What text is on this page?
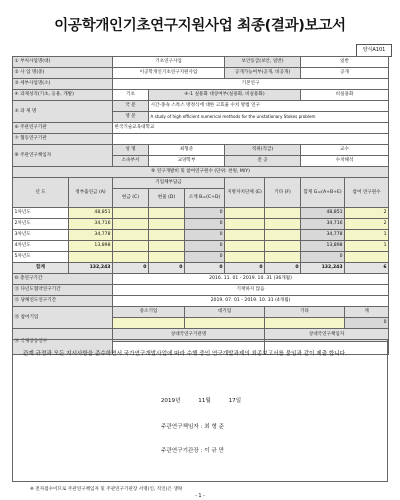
이공학개인기초연구지원사업 최종(결과)보고서
양식A101
① 부처사업명(대)		기초연구사업			보안등급(보안, 일반)		일반	
② 사 업 명(중)		이공학개인기초연구지원사업			공개가능여부(공개, 비공개)		공개	
③ 세부사업명(소)		기본연구						
④ 과제성격(기초, 응용, 개발)		기초	④-1 실용화 대상여부(실용화, 비실용화)				비실용화	
⑤ 과 제 명		국 문	시간-종속 스톡스 방정식에 대한 고효율 수치 방법 연구					
		영 문	A study of high efficient numerical methods for the unstationary Stokes problem					
⑥ 주관연구기관		한국기술교육대학교						
⑦ 협동연구기관								
⑧ 주관연구책임자		성 명	최형준		직위(직급)		교수	
		소속부서	교양학부		전 공		수치해석	
⑨ 연구개발비 및 참여연구원수 (단위: 천원, M/Y)								
년 도	정부출연금 (A)	기업체부담금			지방자치단체 (E)	기타 (F)	합계 G=(A+B+E)	참여 연구원수
		현금 (C)	현물 (D)	소계 B=(C+D)				
1차년도	48,851			0			48,851	2
2차년도	34,716			0			34,716	2
3차년도	34,778			0			34,778	1
4차년도	13,898			0			13,898	1
5차년도				0			0	
합계	132,243	0	0	0	0	0	132,243	6
⑩ 총연구기간		2016. 11. 01 - 2019. 10. 31 (36개월)						
⑪ 다년도협약연구기간		기재하지 않음						
⑫ 당해연도연구기간		2019. 07. 01 - 2019. 10. 31 (4개월)						
⑬ 참여기업		중소기업		대기업		기타		계
								0
⑭ 국제공동연구		상대국연구기관명				상대국연구책임자		

관계 규정과 모든 지시사항을 준수하면서 국가연구개발사업에 따라 수행 중인 연구개발과제의 최종보고서를 붙임과 같이 제출 합니다.
2019년	11월	17일
주관연구책임자 : 최 형 준
주관연구기관장 : 이 규 만
※ 전자접수이므로 주관연구책임자 및 주관연구기관장 서명(인, 직인)은 생략
- 1 -
